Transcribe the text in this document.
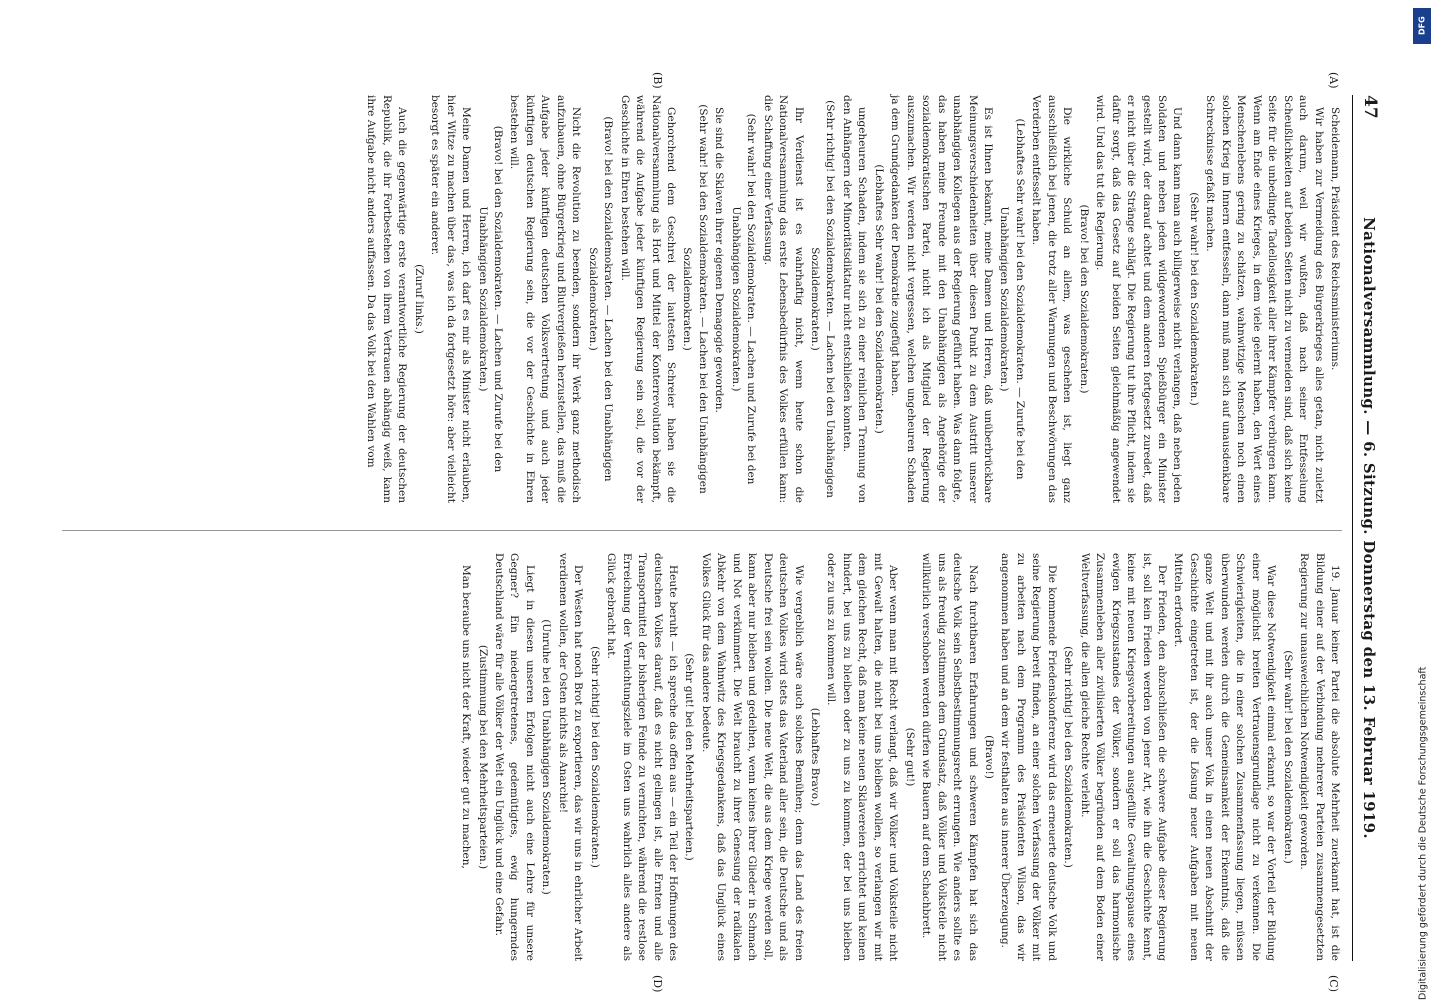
47
Nationalversammlung. — 6. Sitzung. Donnerstag den 13. Februar 1919.
(A)
(B)
(C)
(D)

Scheidemann, Präsident des Reichsministeriums.

Wir haben zur Vermeidung des Bürgerkrieges alles getan, nicht zuletzt auch darum, weil wir wußten, daß nach seiner Entfesselung Scheußlichkeiten auf beiden Seiten nicht zu vermeiden sind, daß sich keine Seite für die unbedingte Tadellosigkeit aller ihrer Kämpfer verbürgen kann. Wenn am Ende eines Krieges, in dem viele gelernt haben, den Wert eines Menschenlebens gering zu schätzen, wahnwitzige Menschen noch einen solchen Krieg im Innern entfesseln, dann muß man sich auf unausdenkbare Schrecknisse gefaßt machen.

(Sehr wahr! bei den Sozialdemokraten.)

Und dann kann man auch billigerweise nicht verlangen, daß neben jeden Soldaten und neben jeden wildgewordenen Spießbürger ein Minister gestellt wird, der darauf achtet und dem anderen fortgesetzt zuredet, daß er nicht über die Stränge schlägt. Die Regierung tut ihre Pflicht, indem sie dafür sorgt, daß das Gesetz auf beiden Seiten gleichmäßig angewendet wird. Und das tut die Regierung.

(Bravo! bei den Sozialdemokraten.)

Die wirkliche Schuld an allem, was geschehen ist, liegt ganz ausschließlich bei jenen, die trotz aller Warnungen und Beschwörungen das Verderben entfesselt haben.

(Lebhaftes Sehr wahr! bei den Sozialdemokraten. — Zurufe bei den Unabhängigen Sozialdemokraten.)

Es ist Ihnen bekannt, meine Damen und Herren, daß unüberbrückbare Meinungsverschiedenheiten über diesen Punkt zu dem Austritt unserer unabhängigen Kollegen aus der Regierung geführt haben. Was dann folgte, das haben meine Freunde mit den Unabhängigen als Angehörige der sozialdemokratischen Partei, nicht ich als Mitglied der Regierung auszumachen. Wir werden nicht vergessen, welchen ungeheuren Schaden ja dem Grundgedanken der Demokratie zugefügt haben.

(Lebhaftes Sehr wahr! bei den Sozialdemokraten.)

ungeheuren Schaden, indem sie sich zu einer reinlichen Trennung von den Anhängern der Minoritätsdiktatur nicht entschließen konnten.

(Sehr richtig! bei den Sozialdemokraten. — Lachen bei den Unabhängigen Sozialdemokraten.)

Ihr Verdienst ist es wahrhaftig nicht, wenn heute schon die Nationalversammlung das erste Lebensbedürfnis des Volkes erfüllen kann: die Schaffung einer Verfassung.

(Sehr wahr! bei den Sozialdemokraten. — Lachen und Zurufe bei den Unabhängigen Sozialdemokraten.)

Sie sind die Sklaven ihrer eigenen Demagogie geworden.

(Sehr wahr! bei den Sozialdemokraten. — Lachen bei den Unabhängigen Sozialdemokraten.)

Gehorchend dem Geschrei der lautesten Schreier haben sie die Nationalversammlung als Hort und Mittel der Konterrevolution bekämpft, während die Aufgabe jeder künftigen Regierung sein soll, die vor der Geschichte in Ehren bestehen will.

(Bravo! bei den Sozialdemokraten. — Lachen bei den Unabhängigen Sozialdemokraten.)

Nicht die Revolution zu beenden, sondern ihr Werk ganz methodisch aufzubauen, ohne Bürgerkrieg und Blutvergießen herzustellen, das muß die Aufgabe jeder künftigen deutschen Volksvertretung und auch jeder künftigen deutschen Regierung sein, die vor der Geschichte in Ehren bestehen will.

(Bravo! bei den Sozialdemokraten. — Lachen und Zurufe bei den Unabhängigen Sozialdemokraten.)

Meine Damen und Herren, ich darf es mir als Minister nicht erlauben, hier Witze zu machen über das, was ich da fortgesetzt höre: aber vielleicht besorgt es später ein anderer.

(Zuruf links.)

Auch die gegenwärtige erste verantwortliche Regierung der deutschen Republik, die ihr Fortbestehen von ihrem Vertrauen abhängig weiß, kann ihre Aufgabe nicht anders auffassen. Da das Volk bei den Wahlen vom

19. Januar keiner Partei die absolute Mehrheit zuerkannt hat, ist die Bildung einer auf der Verbindung mehrerer Parteien zusammengesetzten Regierung zur unausweichlichen Notwendigkeit geworden.

(Sehr wahr! bei den Sozialdemokraten.)

War diese Notwendigkeit einmal erkannt, so war der Vorteil der Bildung einer möglichst breiten Vertrauensgrundlage nicht zu verkennen. Die Schwierigkeiten, die in einer solchen Zusammenfassung liegen, müssen überwunden werden durch die Gemeinsamkeit der Erkenntnis, daß die ganze Welt und mit ihr auch unser Volk in einen neuen Abschnitt der Geschichte eingetreten ist, der die Lösung neuer Aufgaben mit neuen Mitteln erfordert.

Der Frieden, den abzuschließen die schwere Aufgabe dieser Regierung ist, soll kein Frieden werden von jener Art, wie ihn die Geschichte kennt, keine mit neuen Kriegsvorbereitungen ausgefüllte Gewaltungspause eines ewigen Kriegszustandes der Völker, sondern er soll das harmonische Zusammenleben aller zivilisierten Völker begründen auf dem Boden einer Weltverfassung, die allen gleiche Rechte verleiht.

(Sehr richtig! bei den Sozialdemokraten.)

Die kommende Friedenskonferenz wird das erneuerte deutsche Volk und seine Regierung bereit finden, an einer solchen Verfassung der Völker mit zu arbeiten nach dem Programm des Präsidenten Wilson, das wir angenommen haben und an dem wir festhalten aus innerer Überzeugung.

(Bravo!)

Nach furchtbaren Erfahrungen und schweren Kämpfen hat sich das deutsche Volk sein Selbstbestimmungsrecht errungen. Wie anders sollte es uns als freudig zustimmen dem Grundsatz, daß Völker und Volksteile nicht willkürlich verschoben werden dürfen wie Bauern auf dem Schachbrett.

(Sehr gut!)

Aber wenn man mit Recht verlangt, daß wir Völker und Volksteile nicht mit Gewalt halten, die nicht bei uns bleiben wollen, so verlangen wir mit dem gleichen Recht, daß man keine neuen Sklavereien errichtet und keinen hindert, bei uns zu bleiben oder zu uns zu kommen, der bei uns bleiben oder zu uns zu kommen will.

(Lebhaftes Bravo.)

Wie vergeblich wäre auch solches Bemühen; denn das Land des freien deutschen Volkes wird stets das Vaterland aller sein, die Deutsche und als Deutsche frei sein wollen. Die neue Welt, die aus dem Kriege werden soll, kann aber nur bleiben und gedeihen, wenn keines ihrer Glieder in Schmach und Not verkümmert. Die Welt braucht zu ihrer Genesung der radikalen Abkehr von dem Wahnwitz des Kriegsgedankens, daß das Unglück eines Volkes Glück für das andere bedeute.

(Sehr gut! bei den Mehrheitsparteien.)

Heute beruht — ich spreche das offen aus — ein Teil der Hoffnungen des deutschen Volkes darauf, daß es nicht gelingen ist, alle Ernten und alle Transportmittel der bisherigen Feinde zu vernichten, während die restlose Erreichung der Vernichtungsziele im Osten uns wahrlich alles andere als Glück gebracht hat.

(Sehr richtig! bei den Sozialdemokraten.)

Der Westen hat noch Brot zu exportieren, das wir uns in ehrlicher Arbeit verdienen wollen, der Osten nichts als Anarchie!

(Unruhe bei den Unabhängigen Sozialdemokraten.)

Liegt in diesen unseren Erfolgen nicht auch eine Lehre für unsere Gegner? Ein niedergetretenes, gedemütigtes, ewig hungerndes Deutschland wäre für alle Völker der Welt ein Unglück und eine Gefahr.

(Zustimmung bei den Mehrheitsparteien.)

Man beraube uns nicht der Kraft, wieder gut zu machen,	Digitalisierung gefördert durch die Deutsche Forschungsgemeinschaft
DFG
